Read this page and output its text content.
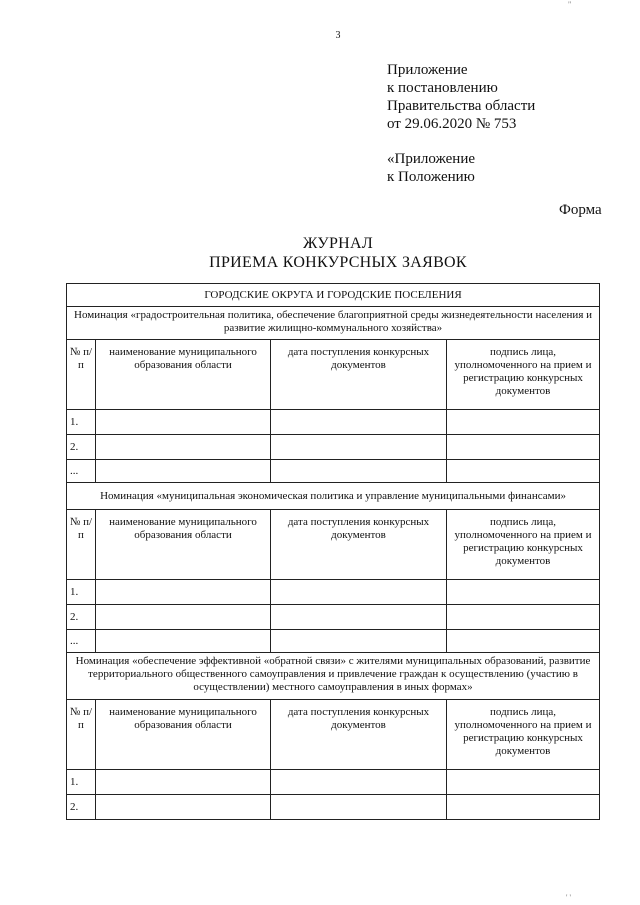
"
3
Приложение
к постановлению
Правительства области
от 29.06.2020 № 753
«Приложение
к Положению
Форма
ЖУРНАЛ
ПРИЕМА КОНКУРСНЫХ ЗАЯВОК
ГОРОДСКИЕ ОКРУГА И ГОРОДСКИЕ ПОСЕЛЕНИЯ			
Номинация «градостроительная политика, обеспечение благоприятной среды жизнедеятельности населения и развитие жилищно-коммунального хозяйства»			
№ п/п	наименование муниципального образования области	дата поступления конкурсных документов	подпись лица, уполномоченного на прием и регистрацию конкурсных документов
1.			
2.			
...			
Номинация «муниципальная экономическая политика и управление муниципальными финансами»			
№ п/п	наименование муниципального образования области	дата поступления конкурсных документов	подпись лица, уполномоченного на прием и регистрацию конкурсных документов
1.			
2.			
...			
Номинация «обеспечение эффективной «обратной связи» с жителями муниципальных образований, развитие территориального общественного самоуправления и привлечение граждан к осуществлению (участию в осуществлении) местного самоуправления в иных формах»			
№ п/п	наименование муниципального образования области	дата поступления конкурсных документов	подпись лица, уполномоченного на прием и регистрацию конкурсных документов
1.			
2.			
' '
